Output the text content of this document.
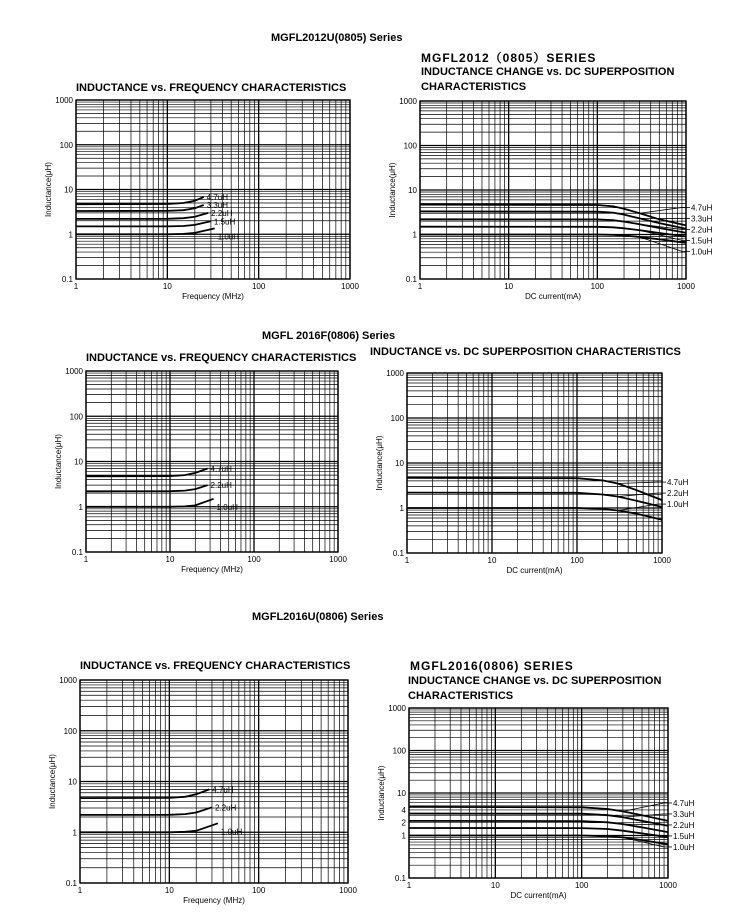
MGFL2012U(0805) Series
MGFL 2016F(0806) Series
MGFL2016U(0806) Series
INDUCTANCE vs. FREQUENCY CHARACTERISTICS
MGFL2012（0805）SERIES
INDUCTANCE CHANGE vs. DC SUPERPOSITION
CHARACTERISTICS
INDUCTANCE vs. FREQUENCY CHARACTERISTICS INDUCTANCE vs. DC SUPERPOSITION CHARACTERISTICS
INDUCTANCE vs. FREQUENCY CHARACTERISTICS	MGFL2016(0806) SERIES
INDUCTANCE CHANGE vs. DC SUPERPOSITION
CHARACTERISTICS
1	10	100	1000
0.1
1
10
100
1000
Frequency (MHz)
Inductance(μH)	4.7uH
3.3uH
2.2uH
1.5uH
1.0uH
1	10	100	1000
0.1
1
10
100
1000
DC current(mA)
Inductance(μH)	4.7uH
3.3uH
2.2uH
1.5uH
1.0uH
1	10	100	1000
0.1
1
10
100
1000
Frequency (MHz)
Inductance(μH)	4.7uH
2.2uH
1.0uH
1	10	100	1000
0.1
1
10
100
1000
DC current(mA)
Inductance(μH)	4.7uH
2.2uH
1.0uH
1	10	100	1000
0.1
1
10
100
1000
Frequency (MHz)
Inductance(μH)	4.7uH
2.2uH
1.0uH
1	10	100	1000
0.1
1
2
4
10
100
1000
DC current(mA)
Inductance(μH)	4.7uH
3.3uH
2.2uH
1.5uH
1.0uH
